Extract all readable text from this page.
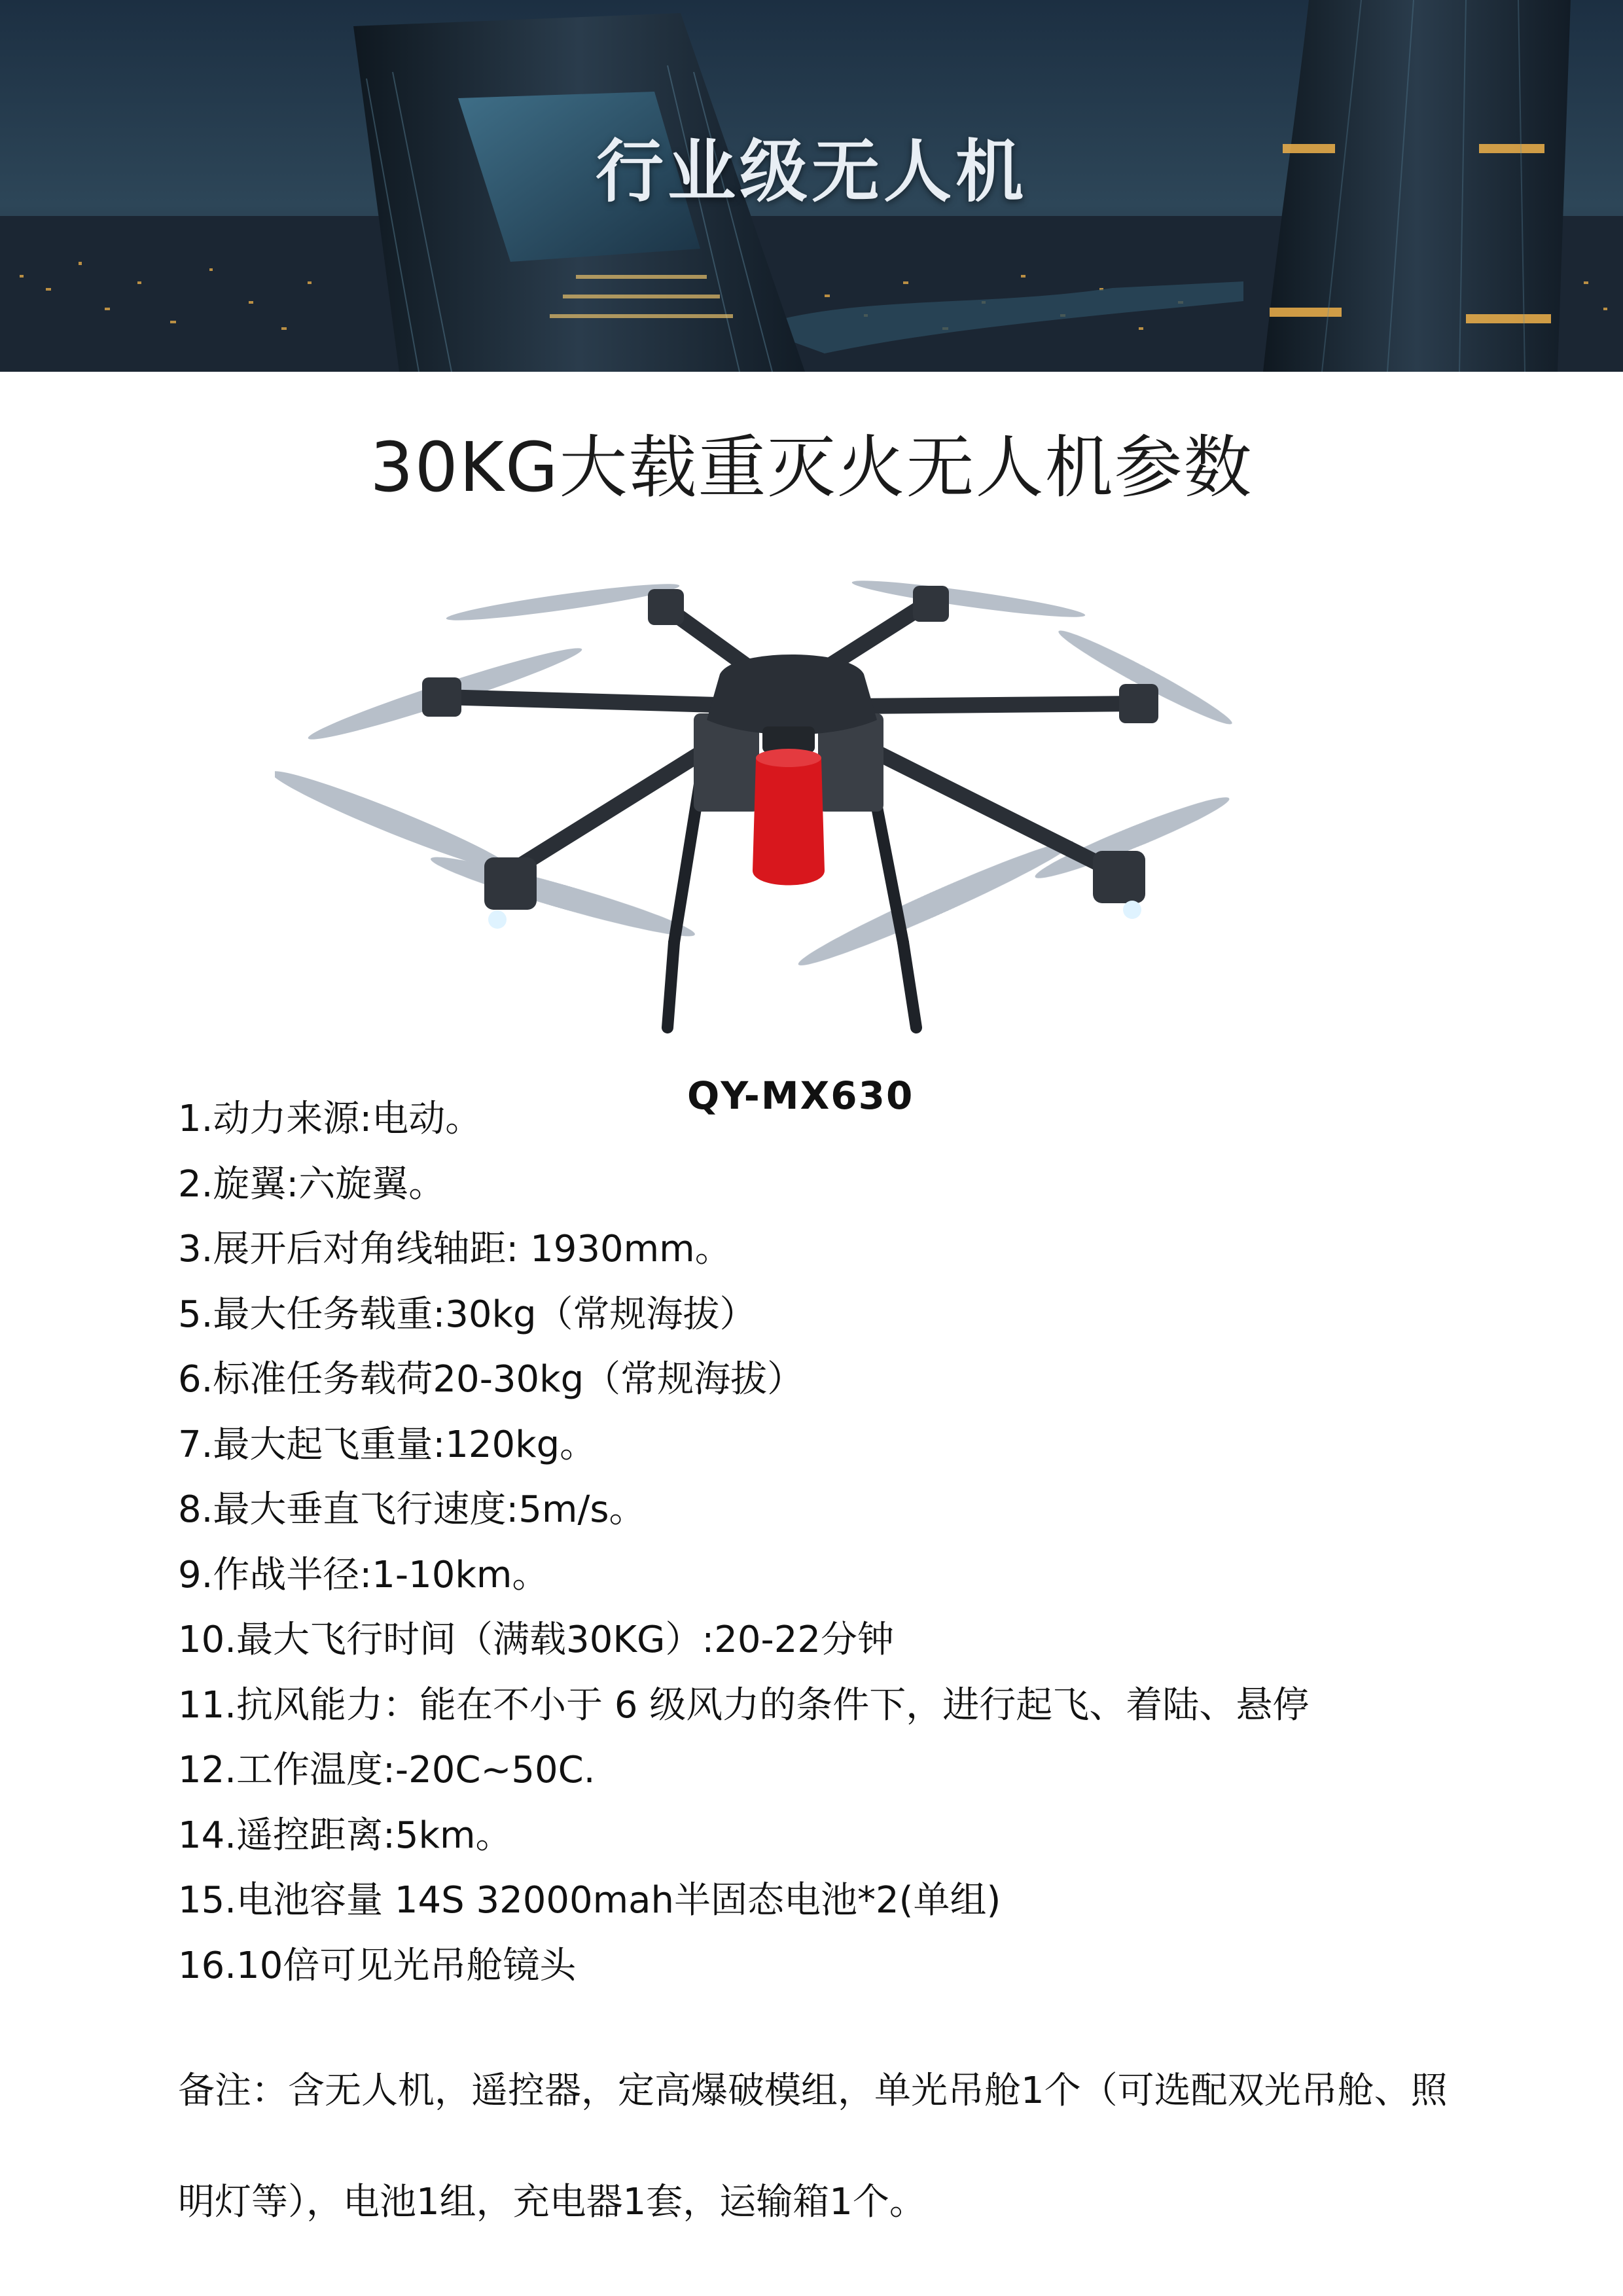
行业级无人机
30KG大载重灭火无人机参数
QY-MX630
1.动力来源:电动。
2.旋翼:六旋翼。
3.展开后对角线轴距: 1930mm。
5.最大任务载重:30kg（常规海拔）
6.标准任务载荷20-30kg（常规海拔）
7.最大起飞重量:120kg。
8.最大垂直飞行速度:5m/s。
9.作战半径:1-10km。
10.最大飞行时间（满载30KG）:20-22分钟
11.抗风能力：能在不小于 6 级风力的条件下，进行起飞、着陆、悬停
12.工作温度:-20C~50C.
14.遥控距离:5km。
15.电池容量 14S 32000mah半固态电池*2(单组)
16.10倍可见光吊舱镜头
备注：含无人机，遥控器，定高爆破模组，单光吊舱1个（可选配双光吊舱、照明灯等），电池1组，充电器1套，运输箱1个。
